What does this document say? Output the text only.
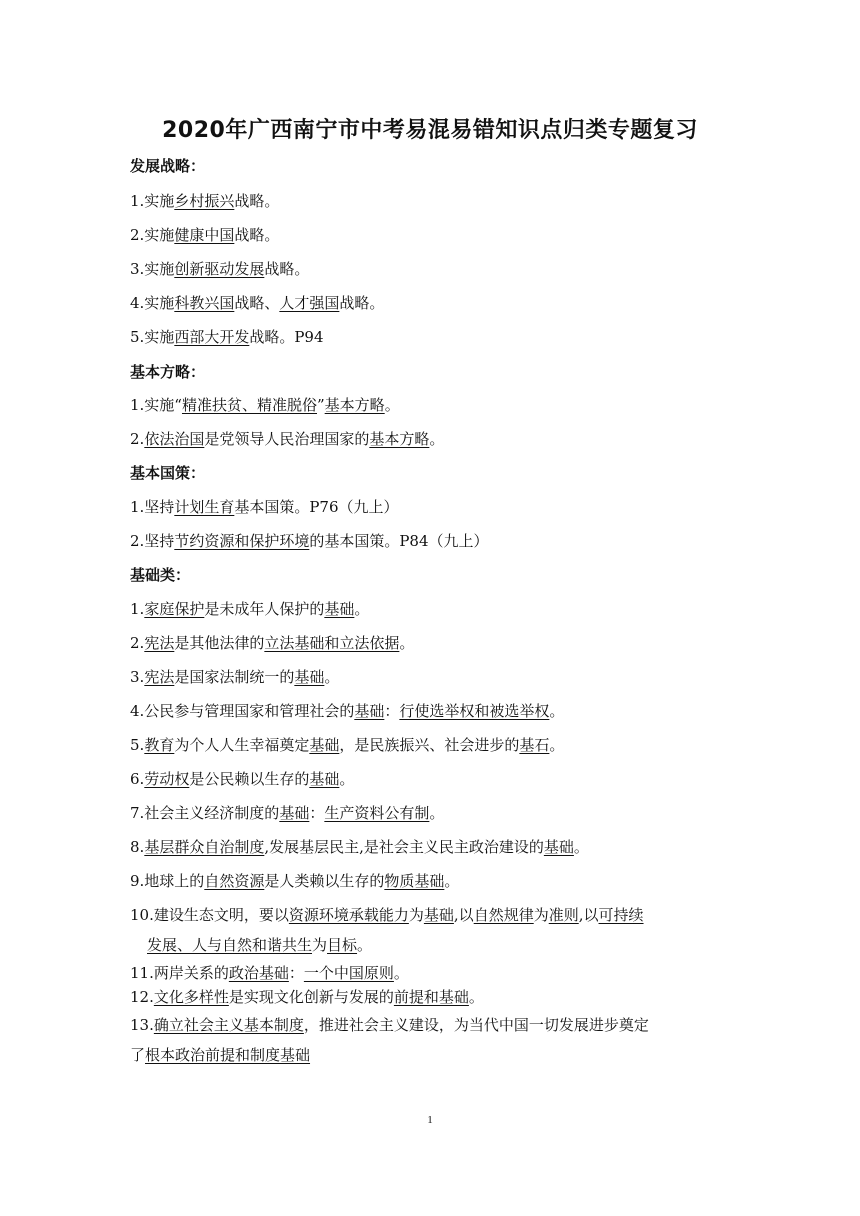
2020年广西南宁市中考易混易错知识点归类专题复习
发展战略：
1.实施乡村振兴战略。
2.实施健康中国战略。
3.实施创新驱动发展战略。
4.实施科教兴国战略、人才强国战略。
5.实施西部大开发战略。P94
基本方略：
1.实施“精准扶贫、精准脱俗”基本方略。
2.依法治国是党领导人民治理国家的基本方略。
基本国策：
1.坚持计划生育基本国策。P76（九上）
2.坚持节约资源和保护环境的基本国策。P84（九上）
基础类：
1.家庭保护是未成年人保护的基础。
2.宪法是其他法律的立法基础和立法依据。
3.宪法是国家法制统一的基础。
4.公民参与管理国家和管理社会的基础：行使选举权和被选举权。
5.教育为个人人生幸福奠定基础，是民族振兴、社会进步的基石。
6.劳动权是公民赖以生存的基础。
7.社会主义经济制度的基础：生产资料公有制。
8.基层群众自治制度,发展基层民主,是社会主义民主政治建设的基础。
9.地球上的自然资源是人类赖以生存的物质基础。
10.建设生态文明，要以资源环境承载能力为基础,以自然规律为准则,以可持续
发展、人与自然和谐共生为目标。
11.两岸关系的政治基础：一个中国原则。
12.文化多样性是实现文化创新与发展的前提和基础。
13.确立社会主义基本制度，推进社会主义建设，为当代中国一切发展进步奠定
了根本政治前提和制度基础
1
